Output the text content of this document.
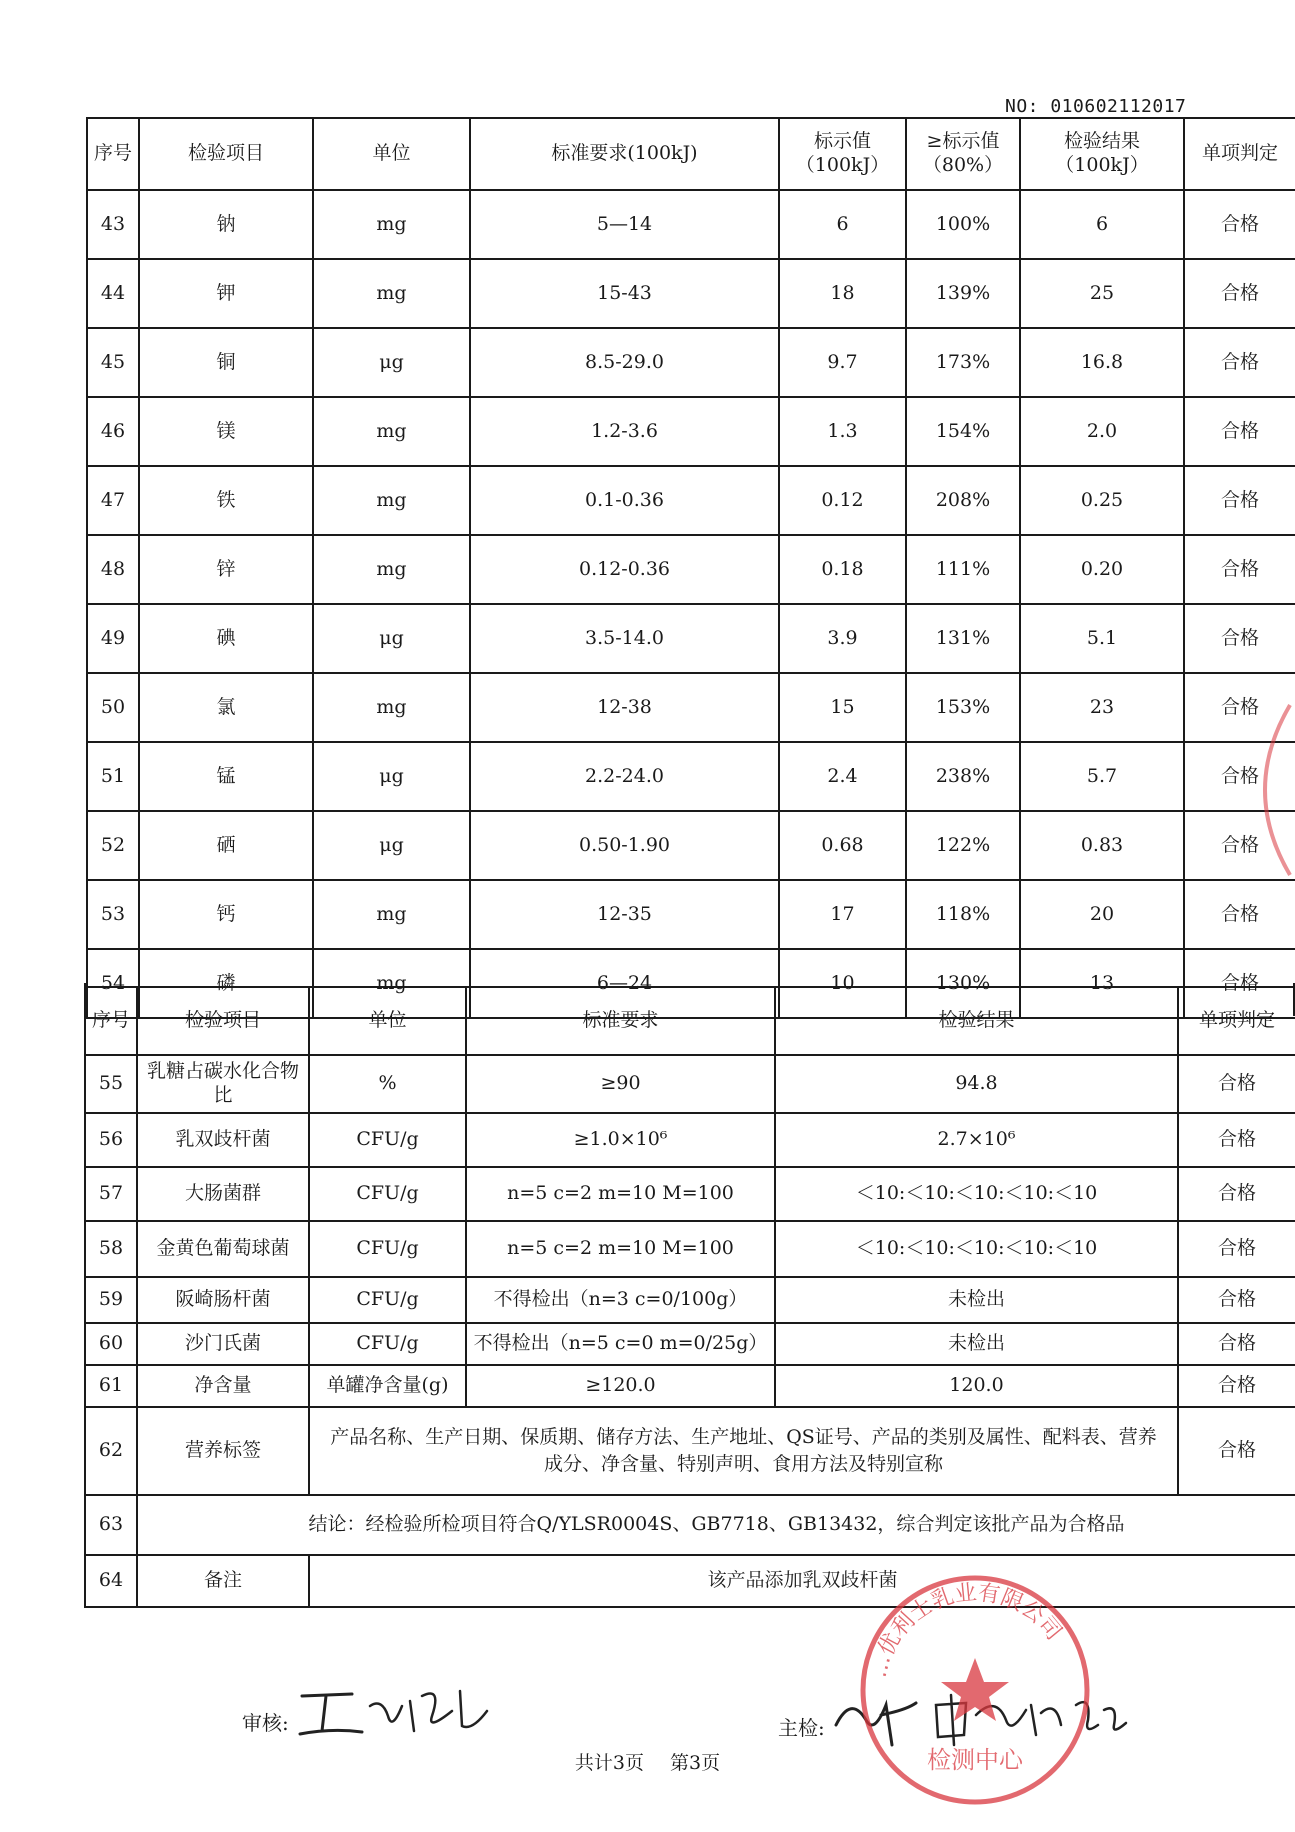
NO: 010602112017
序号	检验项目	单位	标准要求(100kJ)	标示值（100kJ）	≥标示值（80%）	检验结果（100kJ）	单项判定
43	钠	mg	5—14	6	100%	6	合格
44	钾	mg	15-43	18	139%	25	合格
45	铜	μg	8.5-29.0	9.7	173%	16.8	合格
46	镁	mg	1.2-3.6	1.3	154%	2.0	合格
47	铁	mg	0.1-0.36	0.12	208%	0.25	合格
48	锌	mg	0.12-0.36	0.18	111%	0.20	合格
49	碘	μg	3.5-14.0	3.9	131%	5.1	合格
50	氯	mg	12-38	15	153%	23	合格
51	锰	μg	2.2-24.0	2.4	238%	5.7	合格
52	硒	μg	0.50-1.90	0.68	122%	0.83	合格
53	钙	mg	12-35	17	118%	20	合格
54	磷	mg	6—24	10	130%	13	合格
序号	检验项目	单位	标准要求	检验结果	单项判定
55	乳糖占碳水化合物比	%	≥90	94.8	合格
56	乳双歧杆菌	CFU/g	≥1.0×10⁶	2.7×10⁶	合格
57	大肠菌群	CFU/g	n=5 c=2 m=10 M=100	＜10:＜10:＜10:＜10:＜10	合格
58	金黄色葡萄球菌	CFU/g	n=5 c=2 m=10 M=100	＜10:＜10:＜10:＜10:＜10	合格
59	阪崎肠杆菌	CFU/g	不得检出（n=3 c=0/100g）	未检出	合格
60	沙门氏菌	CFU/g	不得检出（n=5 c=0 m=0/25g）	未检出	合格
61	净含量	单罐净含量(g)	≥120.0	120.0	合格
62	营养标签	产品名称、生产日期、保质期、储存方法、生产地址、QS证号、产品的类别及属性、配料表、营养成分、净含量、特别声明、食用方法及特别宣称			合格
63	结论：经检验所检项目符合Q/YLSR0004S、GB7718、GB13432，综合判定该批产品为合格品				
64	备注	该产品添加乳双歧杆菌			
审核:	主检:
…优利士乳业有限公司
检测中心
共计3页 第3页
